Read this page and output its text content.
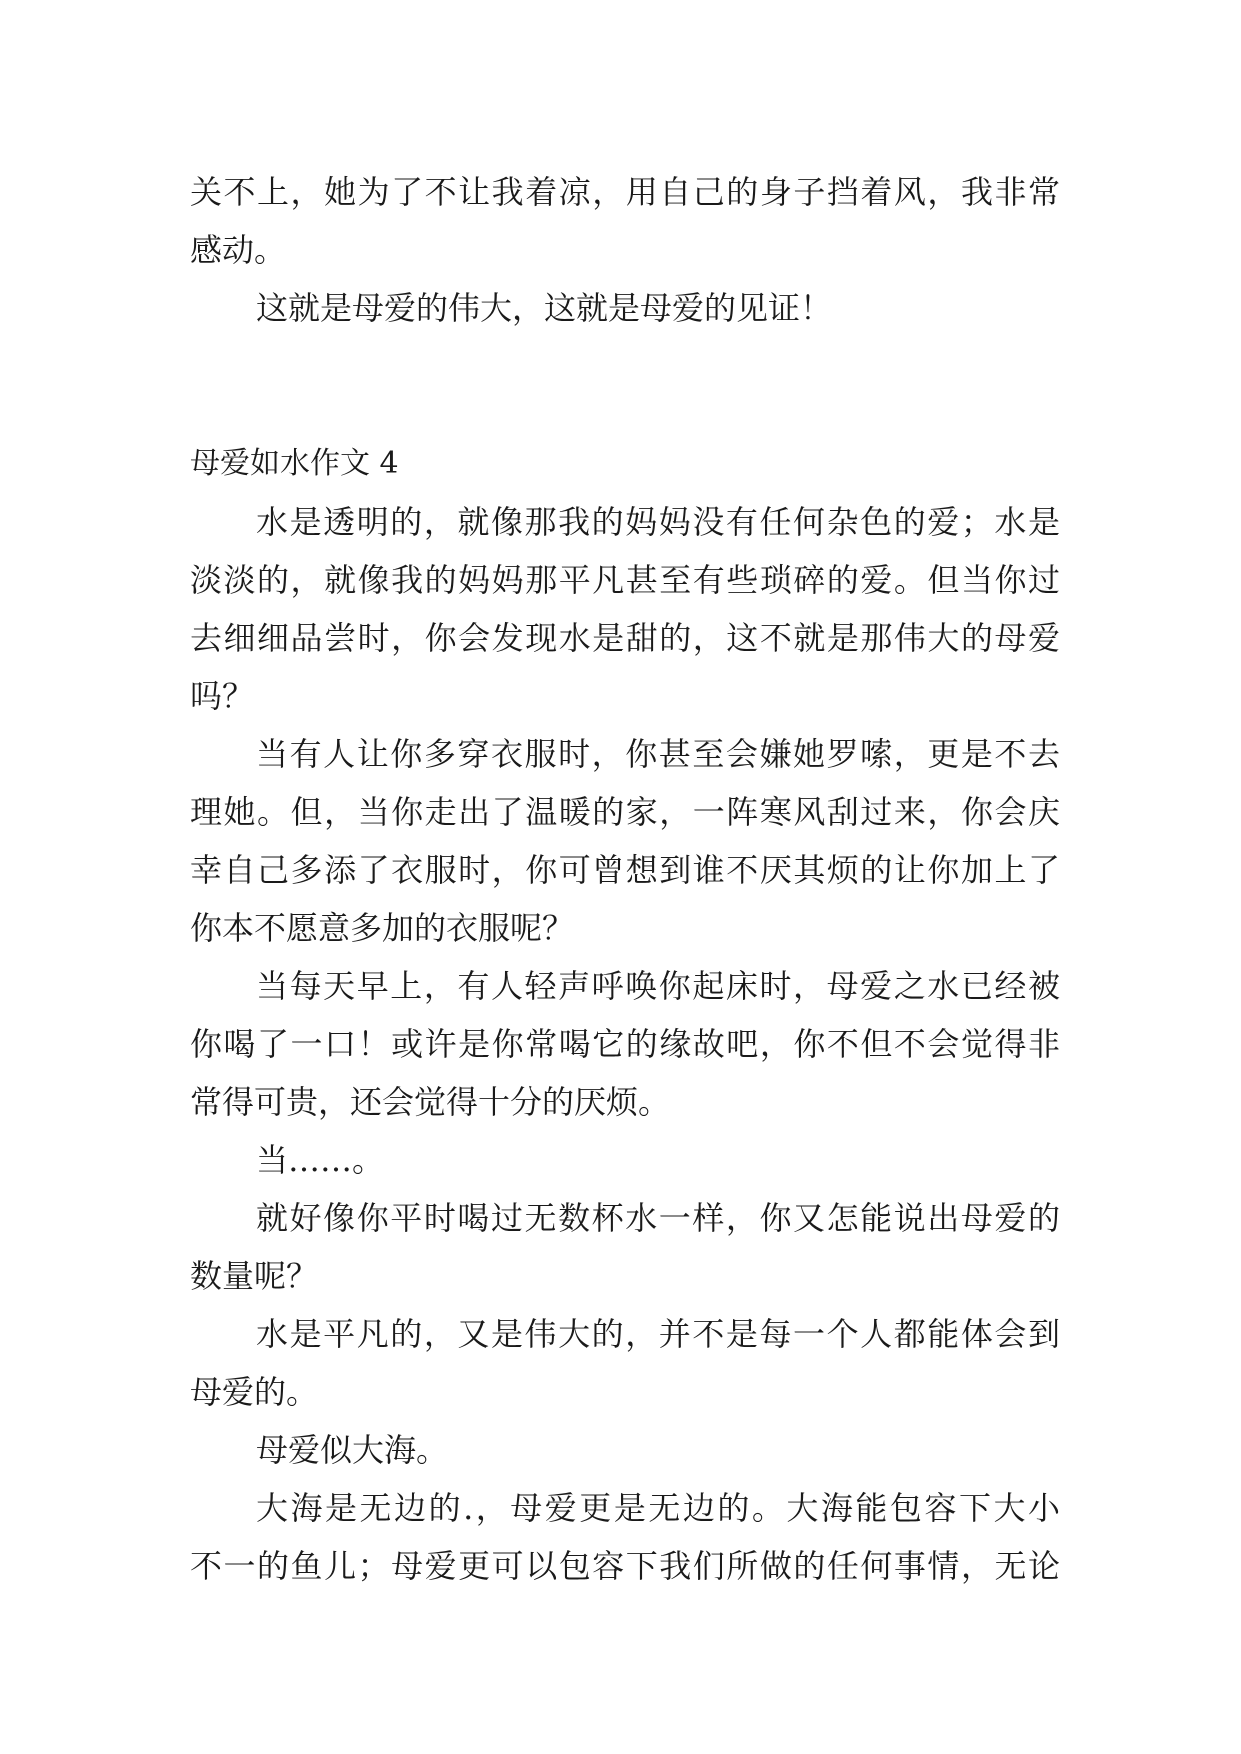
关不上，她为了不让我着凉，用自己的身子挡着风，我非常
感动。
这就是母爱的伟大，这就是母爱的见证！
母爱如水作文 4
水是透明的，就像那我的妈妈没有任何杂色的爱；水是
淡淡的，就像我的妈妈那平凡甚至有些琐碎的爱。但当你过
去细细品尝时，你会发现水是甜的，这不就是那伟大的母爱
吗？
当有人让你多穿衣服时，你甚至会嫌她罗嗦，更是不去
理她。但，当你走出了温暖的家，一阵寒风刮过来，你会庆
幸自己多添了衣服时，你可曾想到谁不厌其烦的让你加上了
你本不愿意多加的衣服呢？
当每天早上，有人轻声呼唤你起床时，母爱之水已经被
你喝了一口！或许是你常喝它的缘故吧，你不但不会觉得非
常得可贵，还会觉得十分的厌烦。
当……。
就好像你平时喝过无数杯水一样，你又怎能说出母爱的
数量呢？
水是平凡的，又是伟大的，并不是每一个人都能体会到
母爱的。
母爱似大海。
大海是无边的.，母爱更是无边的。大海能包容下大小
不一的鱼儿；母爱更可以包容下我们所做的任何事情，无论
